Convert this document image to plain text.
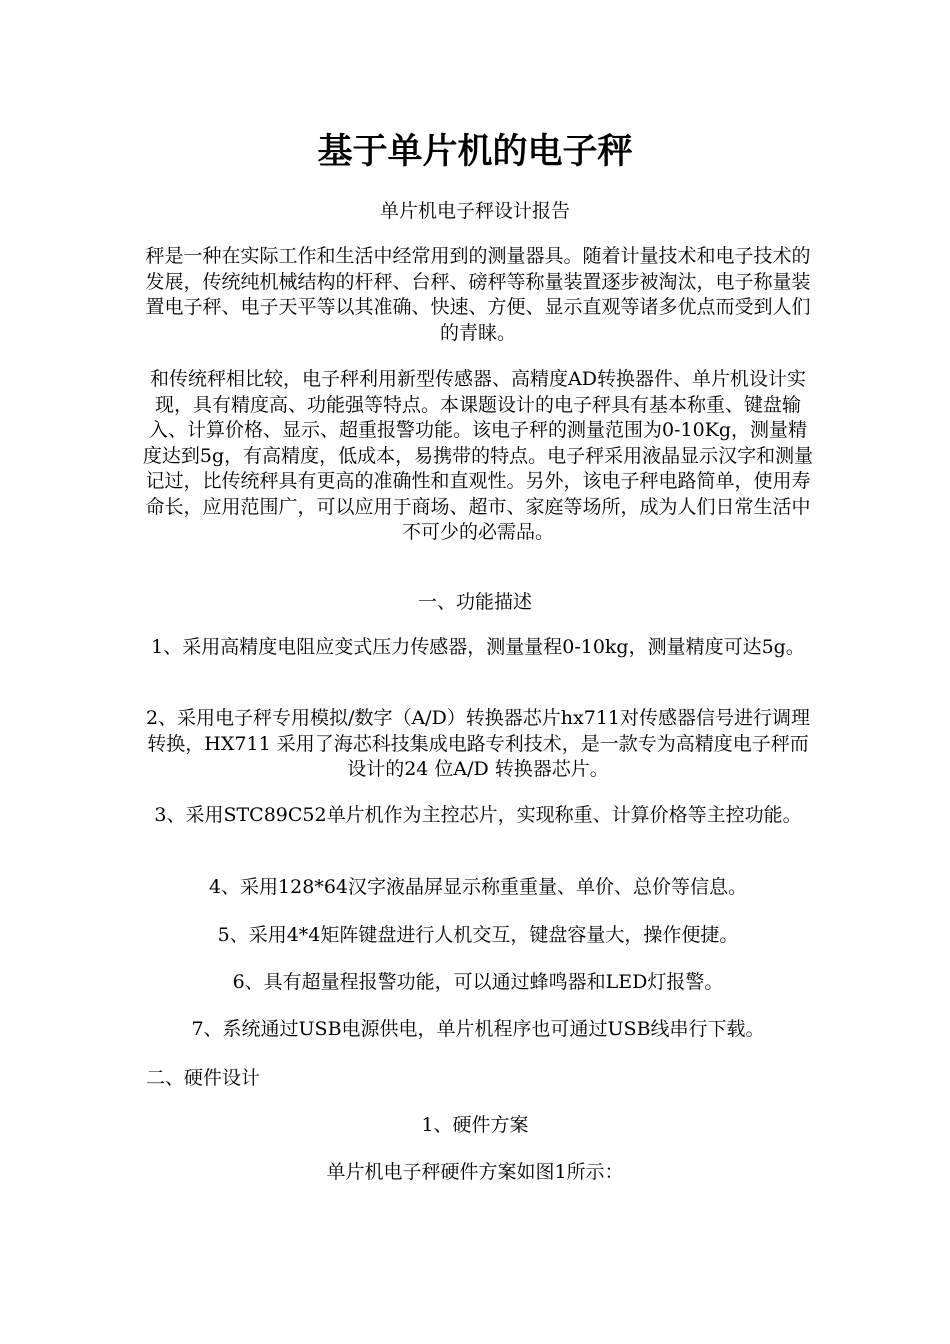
基于单片机的电子秤
单片机电子秤设计报告

秤是一种在实际工作和生活中经常用到的测量器具。随着计量技术和电子技术的发展，传统纯机械结构的杆秤、台秤、磅秤等称量装置逐步被淘汰，电子称量装置电子秤、电子天平等以其准确、快速、方便、显示直观等诸多优点而受到人们的青睐。

和传统秤相比较，电子秤利用新型传感器、高精度AD转换器件、单片机设计实现，具有精度高、功能强等特点。本课题设计的电子秤具有基本称重、键盘输入、计算价格、显示、超重报警功能。该电子秤的测量范围为0-10Kg，测量精度达到5g，有高精度，低成本，易携带的特点。电子秤采用液晶显示汉字和测量记过，比传统秤具有更高的准确性和直观性。另外，该电子秤电路简单，使用寿命长，应用范围广，可以应用于商场、超市、家庭等场所，成为人们日常生活中不可少的必需品。

一、功能描述

1、采用高精度电阻应变式压力传感器，测量量程0-10kg，测量精度可达5g。

2、采用电子秤专用模拟/数字（A/D）转换器芯片hx711对传感器信号进行调理转换，HX711 采用了海芯科技集成电路专利技术，是一款专为高精度电子秤而设计的24 位A/D 转换器芯片。

3、采用STC89C52单片机作为主控芯片，实现称重、计算价格等主控功能。

4、采用128*64汉字液晶屏显示称重重量、单价、总价等信息。

5、采用4*4矩阵键盘进行人机交互，键盘容量大，操作便捷。

6、具有超量程报警功能，可以通过蜂鸣器和LED灯报警。

7、系统通过USB电源供电，单片机程序也可通过USB线串行下载。

二、硬件设计
1、硬件方案

单片机电子秤硬件方案如图1所示：
